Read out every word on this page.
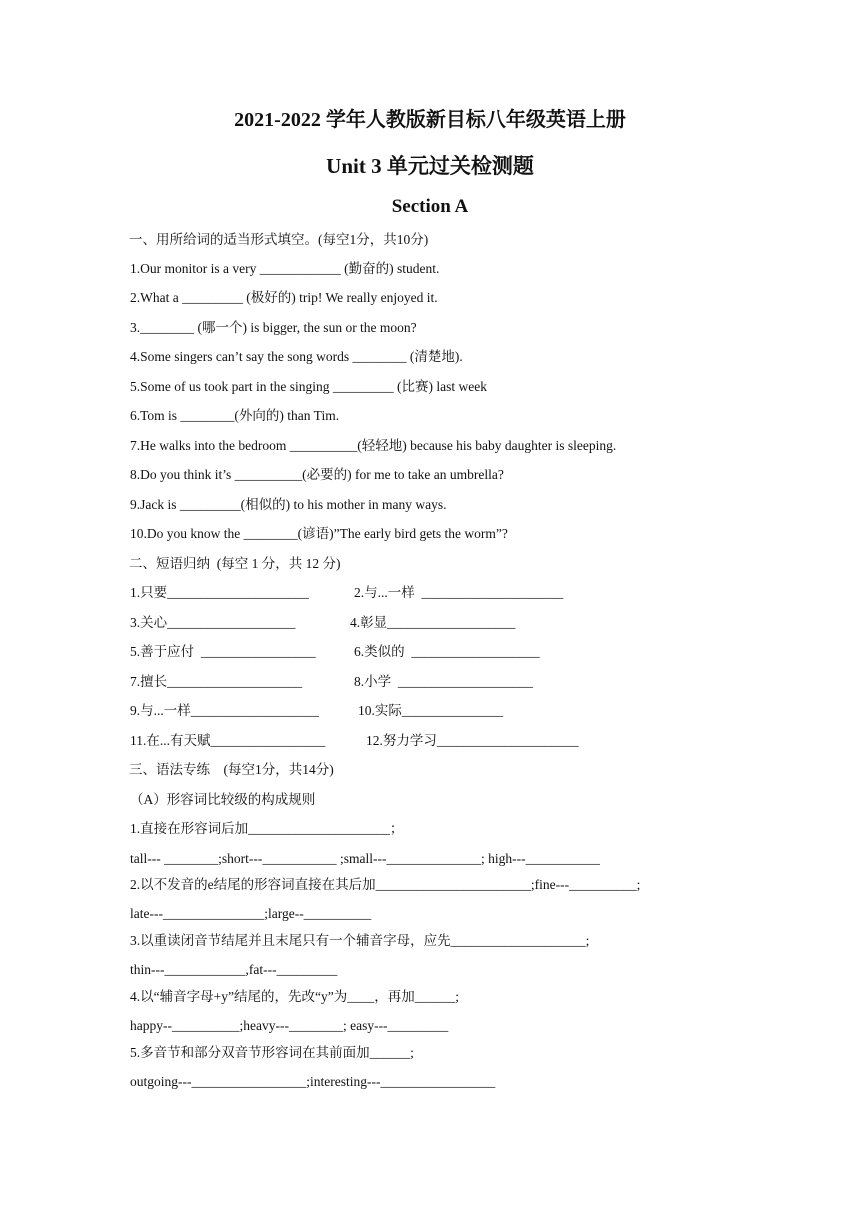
2021-2022 学年人教版新目标八年级英语上册
Unit 3 单元过关检测题
Section A
一、用所给词的适当形式填空。(每空1分，共10分)
1.Our monitor is a very ____________ (勤奋的) student.
2.What a _________ (极好的) trip! We really enjoyed it.
3.________ (哪一个) is bigger, the sun or the moon?
4.Some singers can’t say the song words ________ (清楚地).
5.Some of us took part in the singing _________ (比赛) last week
6.Tom is ________(外向的) than Tim.
7.He walks into the bedroom __________(轻轻地) because his baby daughter is sleeping.
8.Do you think it’s __________(必要的) for me to take an umbrella?
9.Jack is _________(相似的) to his mother in many ways.
10.Do you know the ________(谚语)”The early bird gets the worm”?
二、短语归纳  (每空 1 分，共 12 分)
1.只要_____________________	2.与...一样  _____________________
3.关心___________________	4.彰显___________________
5.善于应付  _________________	6.类似的  ___________________
7.擅长____________________	8.小学  ____________________
9.与...一样___________________	10.实际_______________
11.在...有天赋_________________	12.努力学习_____________________
三、语法专练    (每空1分，共14分)
（A）形容词比较级的构成规则
1.直接在形容词后加_____________________；
tall--- ________;short---___________ ;small---______________; high---___________
2.以不发音的e结尾的形容词直接在其后加_______________________;fine---__________;
late---_______________;large--__________
3.以重读闭音节结尾并且末尾只有一个辅音字母，应先____________________;
thin---____________,fat---_________
4.以“辅音字母+y”结尾的，先改“y”为____，再加______;
happy--__________;heavy---________; easy---_________
5.多音节和部分双音节形容词在其前面加______;
outgoing---_________________;interesting---_________________
